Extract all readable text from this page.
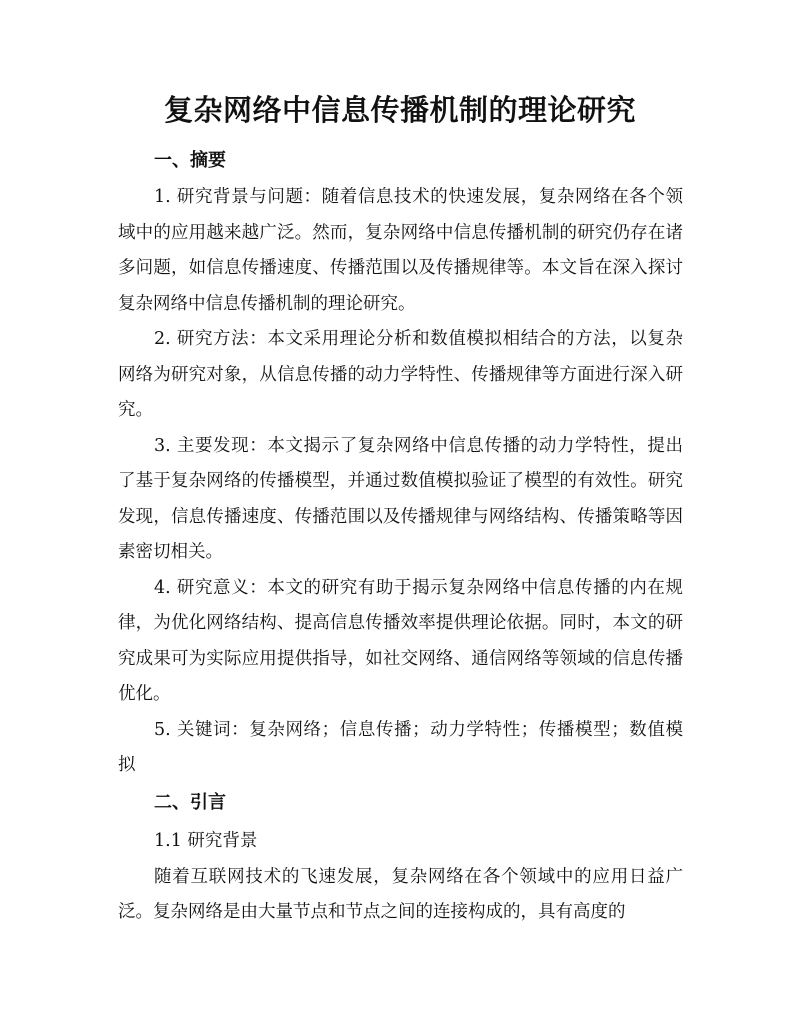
复杂网络中信息传播机制的理论研究

一、摘要

1. 研究背景与问题：随着信息技术的快速发展，复杂网络在各个领域中的应用越来越广泛。然而，复杂网络中信息传播机制的研究仍存在诸多问题，如信息传播速度、传播范围以及传播规律等。本文旨在深入探讨复杂网络中信息传播机制的理论研究。

2. 研究方法：本文采用理论分析和数值模拟相结合的方法，以复杂网络为研究对象，从信息传播的动力学特性、传播规律等方面进行深入研究。

3. 主要发现：本文揭示了复杂网络中信息传播的动力学特性，提出了基于复杂网络的传播模型，并通过数值模拟验证了模型的有效性。研究发现，信息传播速度、传播范围以及传播规律与网络结构、传播策略等因素密切相关。

4. 研究意义：本文的研究有助于揭示复杂网络中信息传播的内在规律，为优化网络结构、提高信息传播效率提供理论依据。同时，本文的研究成果可为实际应用提供指导，如社交网络、通信网络等领域的信息传播优化。

5. 关键词：复杂网络；信息传播；动力学特性；传播模型；数值模拟

二、引言

1.1 研究背景

随着互联网技术的飞速发展，复杂网络在各个领域中的应用日益广泛。复杂网络是由大量节点和节点之间的连接构成的，具有高度的
